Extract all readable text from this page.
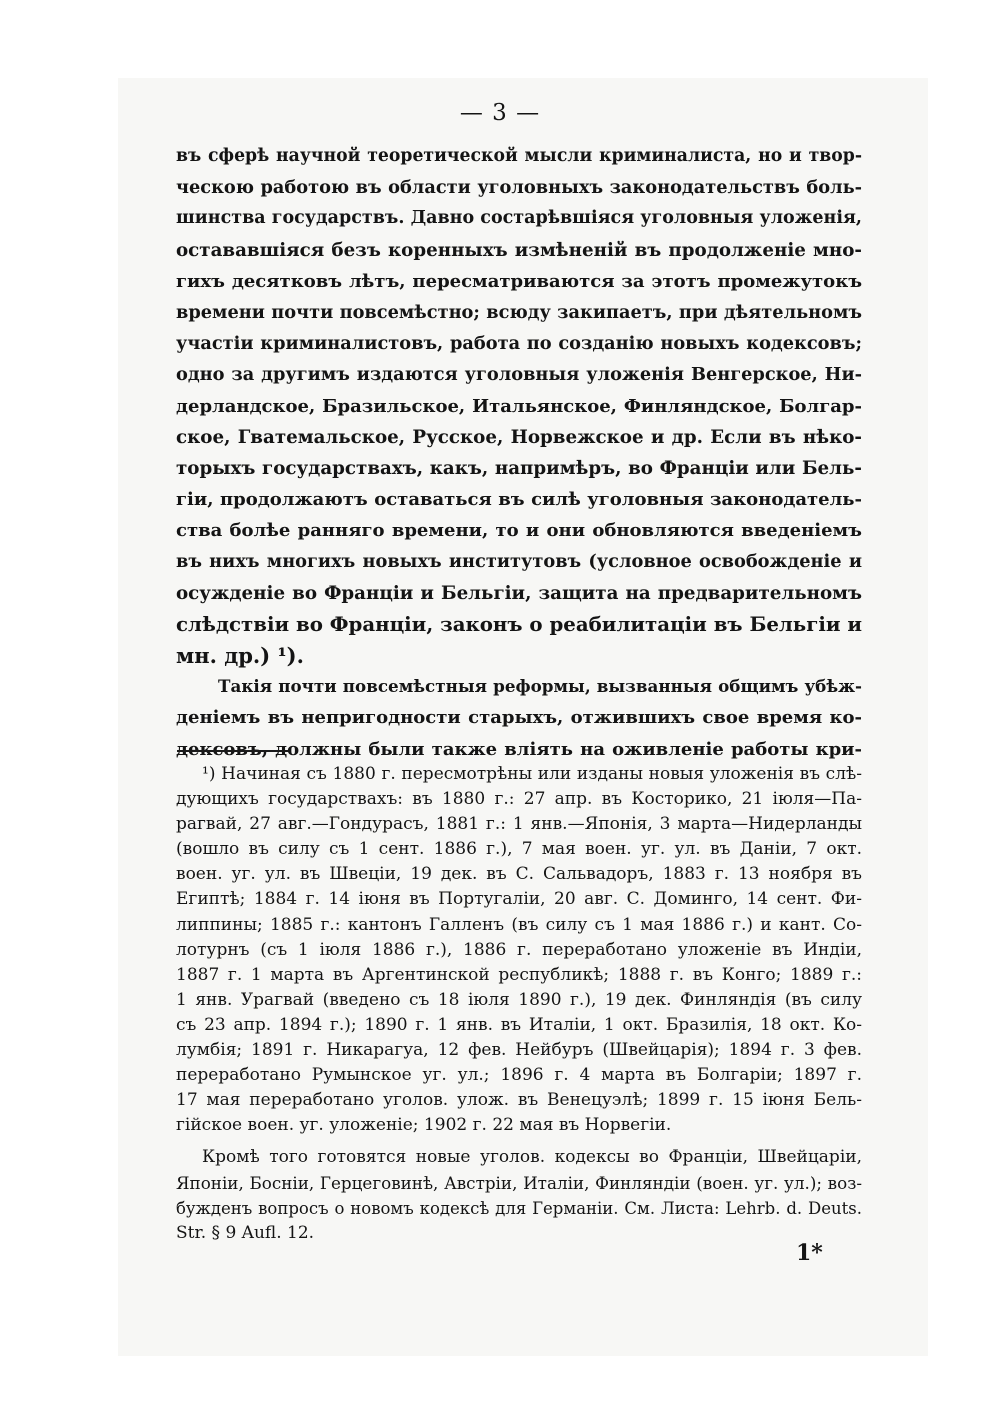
— 3 —
въ сферѣ научной теоретической мысли криминалиста, но и твор-
ческою работою въ области уголовныхъ законодательствъ боль-
шинства государствъ. Давно состарѣвшіяся уголовныя уложенія,
остававшіяся безъ коренныхъ измѣненій въ продолженіе мно-
гихъ десятковъ лѣтъ, пересматриваются за этотъ промежутокъ
времени почти повсемѣстно; всюду закипаетъ, при дѣятельномъ
участіи криминалистовъ, работа по созданію новыхъ кодексовъ;
одно за другимъ издаются уголовныя уложенія Венгерское, Ни-
дерландское, Бразильское, Итальянское, Финляндское, Болгар-
ское, Гватемальское, Русское, Норвежское и др. Если въ нѣко-
торыхъ государствахъ, какъ, напримѣръ, во Франціи или Бель-
гіи, продолжаютъ оставаться въ силѣ уголовныя законодатель-
ства болѣе ранняго времени, то и они обновляются введеніемъ
въ нихъ многихъ новыхъ институтовъ (условное освобожденіе и
осужденіе во Франціи и Бельгіи, защита на предварительномъ
слѣдствіи во Франціи, законъ о реабилитаціи въ Бельгіи и
мн. др.) ¹).
Такія почти повсемѣстныя реформы, вызванныя общимъ убѣж-
деніемъ въ непригодности старыхъ, отжившихъ свое время ко-
дексовъ, должны были также вліять на оживленіе работы кри-
¹) Начиная съ 1880 г. пересмотрѣны или изданы новыя уложенія въ слѣ-
дующихъ государствахъ: въ 1880 г.: 27 апр. въ Косторико, 21 іюля—Па-
рагвай, 27 авг.—Гондурасъ, 1881 г.: 1 янв.—Японія, 3 марта—Нидерланды
(вошло въ силу съ 1 сент. 1886 г.), 7 мая воен. уг. ул. въ Даніи, 7 окт.
воен. уг. ул. въ Швеціи, 19 дек. въ С. Сальвадоръ, 1883 г. 13 ноября въ
Египтѣ; 1884 г. 14 іюня въ Португаліи, 20 авг. С. Доминго, 14 сент. Фи-
липпины; 1885 г.: кантонъ Галленъ (въ силу съ 1 мая 1886 г.) и кант. Со-
лотурнъ (съ 1 іюля 1886 г.), 1886 г. переработано уложеніе въ Индіи,
1887 г. 1 марта въ Аргентинской республикѣ; 1888 г. въ Конго; 1889 г.:
1 янв. Урагвай (введено съ 18 іюля 1890 г.), 19 дек. Финляндія (въ силу
съ 23 апр. 1894 г.); 1890 г. 1 янв. въ Италіи, 1 окт. Бразилія, 18 окт. Ко-
лумбія; 1891 г. Никарагуа, 12 фев. Нейбуръ (Швейцарія); 1894 г. 3 фев.
переработано Румынское уг. ул.; 1896 г. 4 марта въ Болгаріи; 1897 г.
17 мая переработано уголов. улож. въ Венецуэлѣ; 1899 г. 15 іюня Бель-
гійское воен. уг. уложеніе; 1902 г. 22 мая въ Норвегіи.
Кромѣ того готовятся новые уголов. кодексы во Франціи, Швейцаріи,
Японіи, Босніи, Герцеговинѣ, Австріи, Италіи, Финляндіи (воен. уг. ул.); воз-
бужденъ вопросъ о новомъ кодексѣ для Германіи. См. Листа: Lehrb. d. Deuts.
Str. § 9 Aufl. 12.
1*
